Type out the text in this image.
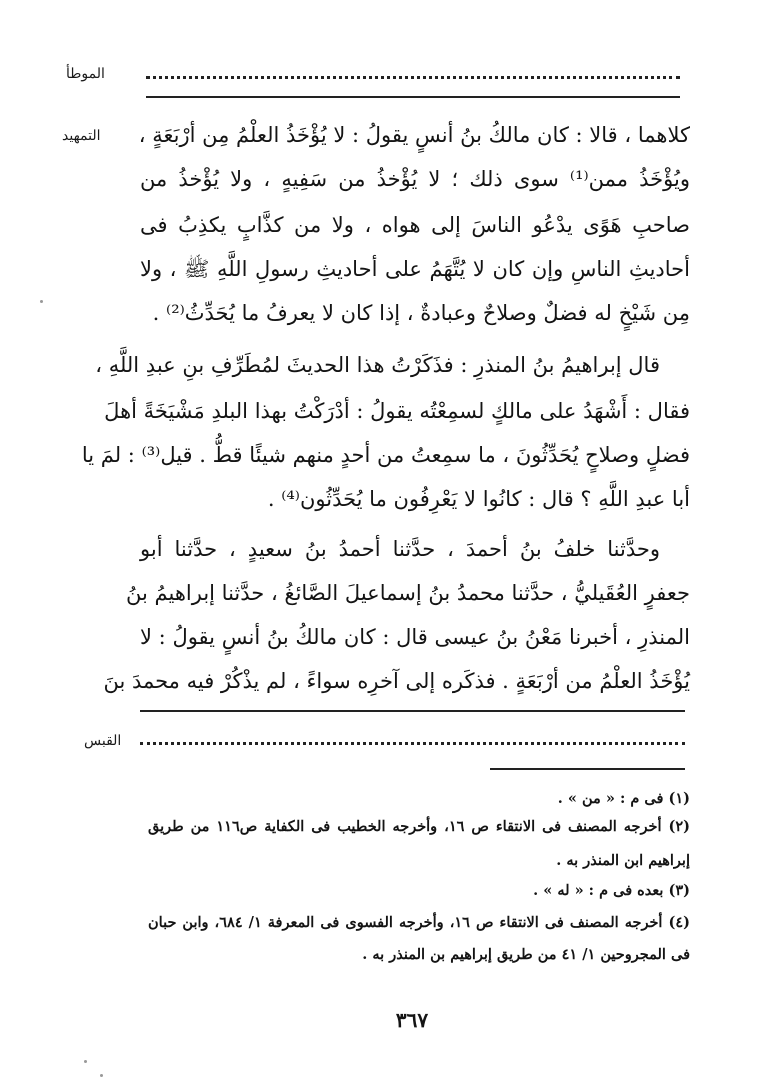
الموطأ
التمهيد كلاهما ، قالا : كان مالكُ بنُ أنسٍ يقولُ : لا يُؤْخَذُ العلْمُ مِن أرْبَعَةٍ ،
ويُؤْخَذُ ممن⁽¹⁾ سوى ذلك ؛ لا يُؤْخذُ من سَفِيهٍ ، ولا يُؤْخذُ من
صاحبِ هَوًى يدْعُو الناسَ إلى هواه ، ولا من كذَّابٍ يكذِبُ فى
أحاديثِ الناسِ وإن كان لا يُتَّهَمُ على أحاديثِ رسولِ اللَّهِ ﷺ ، ولا
مِن شَيْخٍ له فضلٌ وصلاحٌ وعبادةٌ ، إذا كان لا يعرفُ ما يُحَدِّثُ⁽²⁾ .
قال إبراهيمُ بنُ المنذرِ : فذَكَرْتُ هذا الحديثَ لمُطَرِّفِ بنِ عبدِ اللَّهِ ،
فقال : أَشْهَدُ على مالكٍ لسمِعْتُه يقولُ : أدْرَكْتُ بهذا البلدِ مَشْيَخَةً أهلَ
فضلٍ وصلاحٍ يُحَدِّثُونَ ، ما سمِعتُ من أحدٍ منهم شيئًا قطُّ . قيل⁽³⁾ : لمَ يا
أبا عبدِ اللَّهِ ؟ قال : كانُوا لا يَعْرِفُون ما يُحَدِّثُون⁽⁴⁾ .
وحدَّثنا خلفُ بنُ أحمدَ ، حدَّثنا أحمدُ بنُ سعيدٍ ، حدَّثنا أبو
جعفرٍ العُقَيليُّ ، حدَّثنا محمدُ بنُ إسماعيلَ الصَّائغُ ، حدَّثنا إبراهيمُ بنُ
المنذرِ ، أخبرنا مَعْنُ بنُ عيسى قال : كان مالكُ بنُ أنسٍ يقولُ : لا
يُؤْخَذُ العلْمُ من أرْبَعَةٍ . فذكَره إلى آخرِه سواءً ، لم يذْكُرْ فيه محمدَ بنَ
القبس
(١) فى م : « من » .
(٢) أخرجه المصنف فى الانتقاء ص ١٦، وأخرجه الخطيب فى الكفاية ص١١٦ من طريق
إبراهيم ابن المنذر به .
(٣) بعده فى م : « له » .
(٤) أخرجه المصنف فى الانتقاء ص ١٦، وأخرجه الفسوى فى المعرفة ١/ ٦٨٤، وابن حبان
فى المجروحين ١/ ٤١ من طريق إبراهيم بن المنذر به .
٣٦٧
